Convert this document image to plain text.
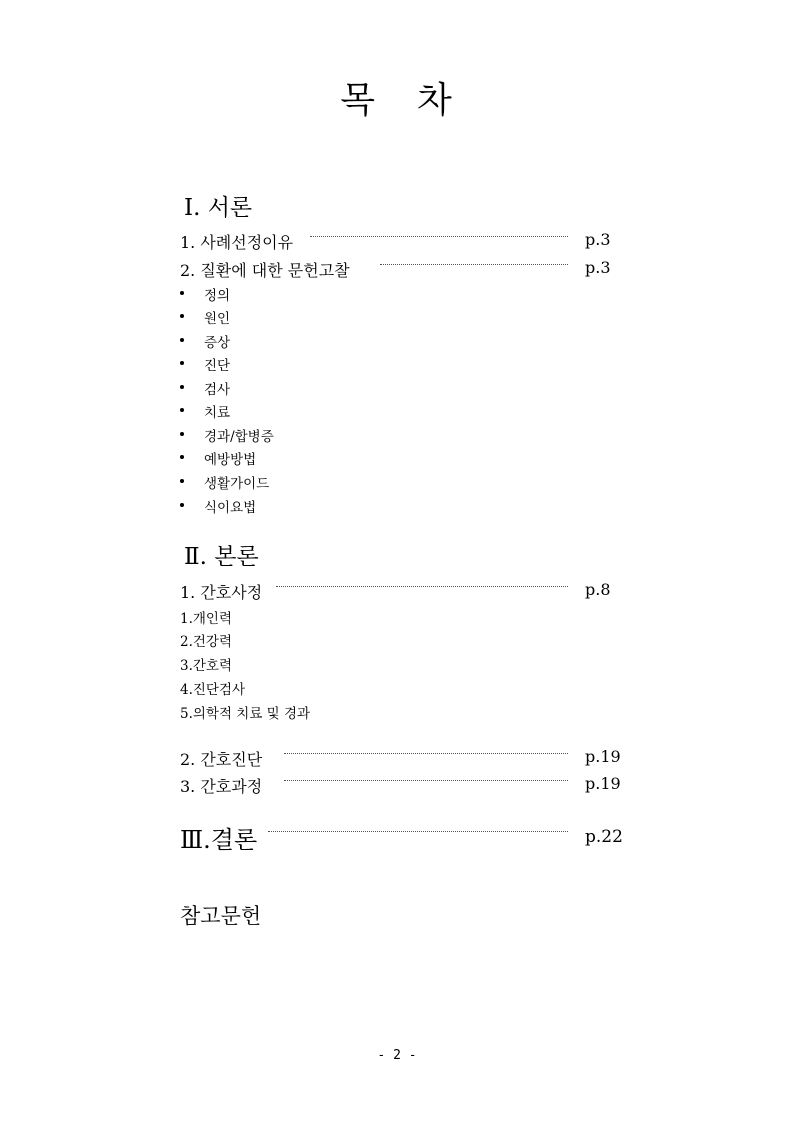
목 차
Ⅰ. 서론
1. 사례선정이유	p.3
2. 질환에 대한 문헌고찰	p.3
정의
원인
증상
진단
검사
치료
경과/합병증
예방방법
생활가이드
식이요법
Ⅱ. 본론
1. 간호사정	p.8
1.개인력
2.건강력
3.간호력
4.진단검사
5.의학적 치료 및 경과
2. 간호진단	p.19
3. 간호과정	p.19
Ⅲ.결론	p.22
참고문헌
- 2 -
